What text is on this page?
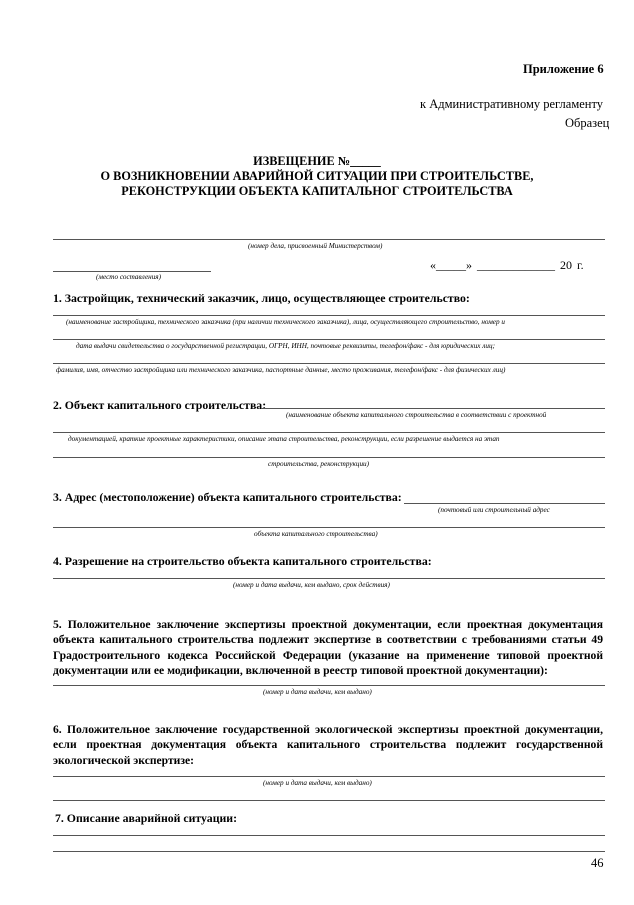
Приложение 6
к Административному регламенту
Образец
ИЗВЕЩЕНИЕ №_____
О ВОЗНИКНОВЕНИИ АВАРИЙНОЙ СИТУАЦИИ ПРИ СТРОИТЕЛЬСТВЕ,
РЕКОНСТРУКЦИИ ОБЪЕКТА КАПИТАЛЬНОГ СТРОИТЕЛЬСТВА
(номер дела, присвоенный Министерством)
(место составления)
«_____» _____________ 20 г.
1. Застройщик, технический заказчик, лицо, осуществляющее строительство:
(наименование застройщика, технического заказчика (при наличии технического заказчика), лица, осуществляющего строительство, номер и
дата выдачи свидетельства о государственной регистрации, ОГРН, ИНН, почтовые реквизиты, телефон/факс - для юридических лиц;
фамилия, имя, отчество застройщика или технического заказчика, паспортные данные, место проживания, телефон/факс - для физических лиц)
2. Объект капитального строительства:
(наименование объекта капитального строительства в соответствии с проектной
документацией, краткие проектные характеристики, описание этапа строительства, реконструкции, если разрешение выдается на этап
строительства, реконструкции)
3. Адрес (местоположение) объекта капитального строительства:
(почтовый или строительный адрес
объекта капитального строительства)
4. Разрешение на строительство объекта капитального строительства:
(номер и дата выдачи, кем выдано, срок действия)
5. Положительное заключение экспертизы проектной документации, если проектная документация объекта капитального строительства подлежит экспертизе в соответствии с требованиями статьи 49 Градостроительного кодекса Российской Федерации (указание на применение типовой проектной документации или ее модификации, включенной в реестр типовой проектной документации):
(номер и дата выдачи, кем выдано)
6. Положительное заключение государственной экологической экспертизы проектной документации, если проектная документация объекта капитального строительства подлежит государственной экологической экспертизе:
(номер и дата выдачи, кем выдано)
7. Описание аварийной ситуации:
46
